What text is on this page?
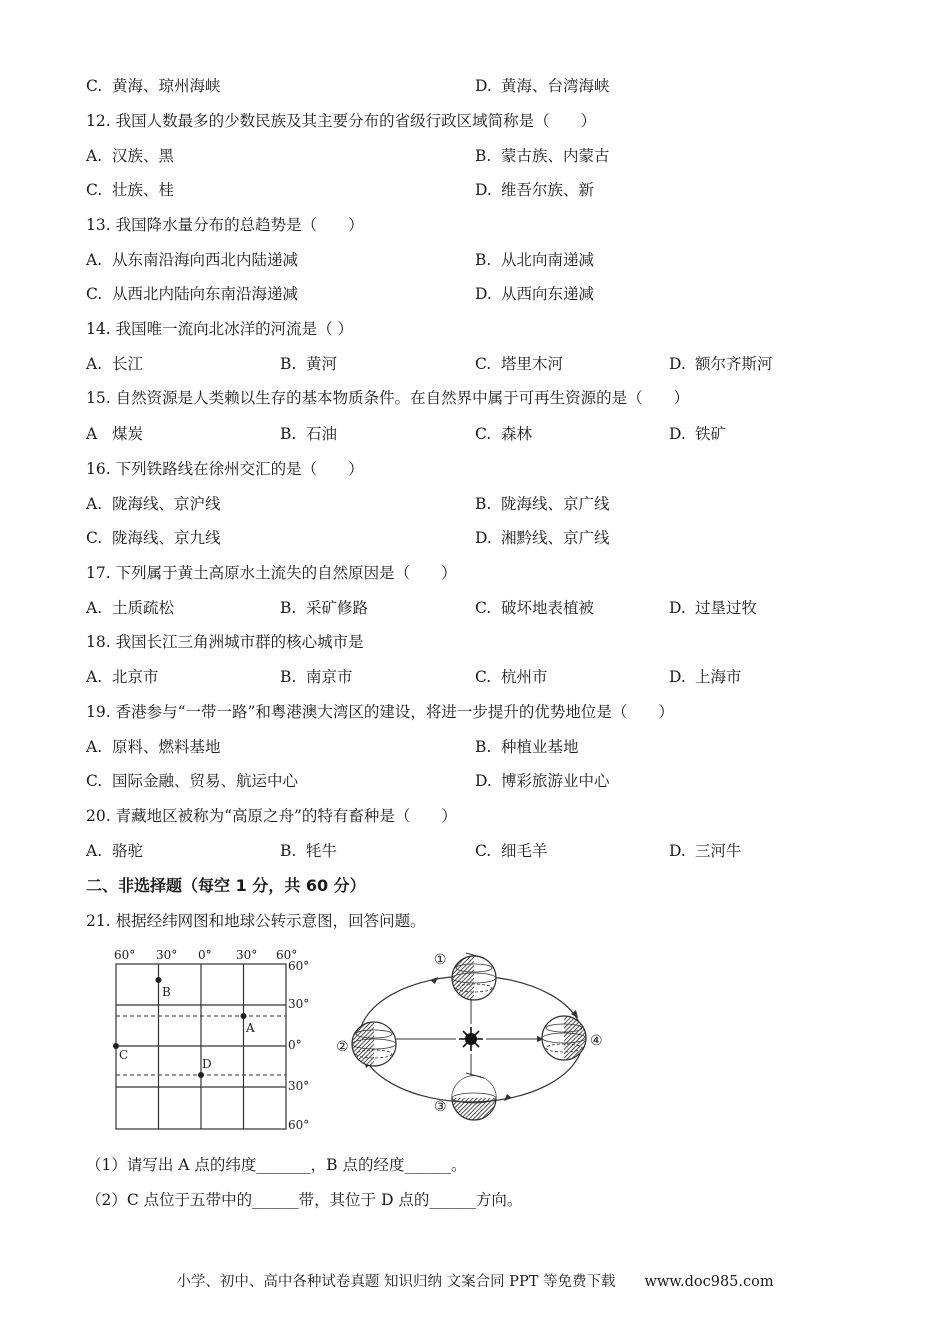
C. 黄海、琼州海峡	D. 黄海、台湾海峡
12. 我国人数最多的少数民族及其主要分布的省级行政区域简称是（　　）
A. 汉族、黑	B. 蒙古族、内蒙古
C. 壮族、桂	D. 维吾尔族、新
13. 我国降水量分布的总趋势是（　　）
A. 从东南沿海向西北内陆递减	B. 从北向南递减
C. 从西北内陆向东南沿海递减	D. 从西向东递减
14. 我国唯一流向北冰洋的河流是（ ）
A. 长江	B. 黄河	C. 塔里木河	D. 额尔齐斯河
15. 自然资源是人类赖以生存的基本物质条件。在自然界中属于可再生资源的是（　　）
A 煤炭	B. 石油	C. 森林	D. 铁矿
16. 下列铁路线在徐州交汇的是（　　）
A. 陇海线、京沪线	B. 陇海线、京广线
C. 陇海线、京九线	D. 湘黔线、京广线
17. 下列属于黄土高原水土流失的自然原因是（　　）
A. 土质疏松	B. 采矿修路	C. 破坏地表植被	D. 过垦过牧
18. 我国长江三角洲城市群的核心城市是
A. 北京市	B. 南京市	C. 杭州市	D. 上海市
19. 香港参与“一带一路”和粤港澳大湾区的建设，将进一步提升的优势地位是（　　）
A. 原料、燃料基地	B. 种植业基地
C. 国际金融、贸易、航运中心	D. 博彩旅游业中心
20. 青藏地区被称为“高原之舟”的特有畜种是（　　）
A. 骆驼	B. 牦牛	C. 细毛羊	D. 三河牛
二、非选择题（每空 1 分，共 60 分）
21. 根据经纬网图和地球公转示意图，回答问题。
60° 30° 0° 30° 60°
60°
30°
0°
30°
60°
B
A
C
D
①
②
③
④
（1）请写出 A 点的纬度_______，B 点的经度______。
（2）C 点位于五带中的______带，其位于 D 点的______方向。
小学、初中、高中各种试卷真题 知识归纳 文案合同 PPT 等免费下载　　www.doc985.com
